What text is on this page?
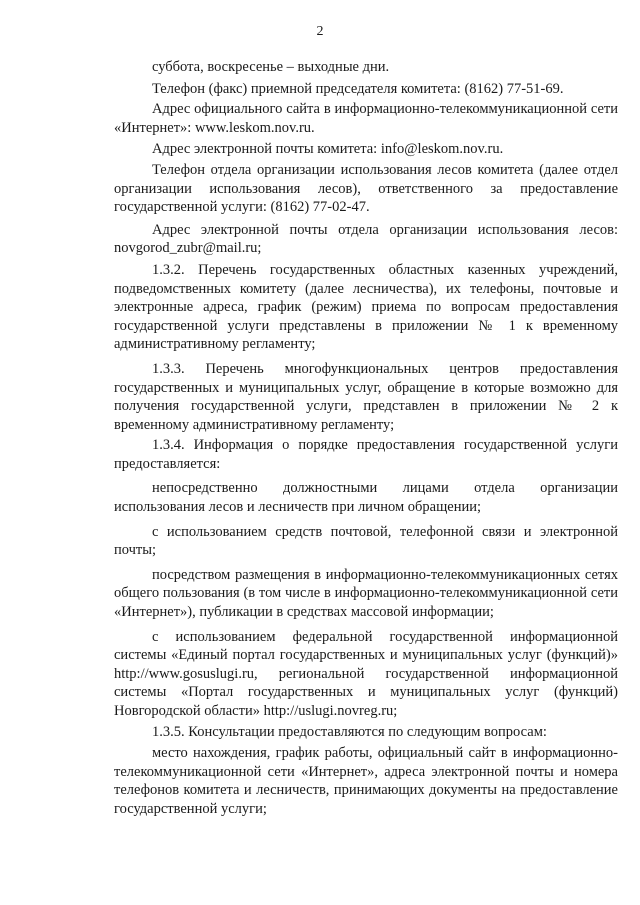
2

суббота, воскресенье – выходные дни.

Телефон (факс) приемной председателя комитета: (8162) 77-51-69.

Адрес официального сайта в информационно-телекоммуникационной сети «Интернет»: www.leskom.nov.ru.

Адрес электронной почты комитета: info@leskom.nov.ru.

Телефон отдела организации использования лесов комитета (далее отдел организации использования лесов), ответственного за предоставление государственной услуги: (8162) 77-02-47.

Адрес электронной почты отдела организации использования лесов: novgorod_zubr@mail.ru;

1.3.2. Перечень государственных областных казенных учреждений, подведомственных комитету (далее лесничества), их телефоны, почтовые и электронные адреса, график (режим) приема по вопросам предоставления государственной услуги представлены в приложении № 1 к временному административному регламенту;

1.3.3. Перечень многофункциональных центров предоставления государственных и муниципальных услуг, обращение в которые возможно для получения государственной услуги, представлен в приложении № 2 к временному административному регламенту;

1.3.4. Информация о порядке предоставления государственной услуги предоставляется:

непосредственно должностными лицами отдела организации использования лесов и лесничеств при личном обращении;

с использованием средств почтовой, телефонной связи и электронной почты;

посредством размещения в информационно-телекоммуникационных сетях общего пользования (в том числе в информационно-телекоммуникационной сети «Интернет»), публикации в средствах массовой информации;

с использованием федеральной государственной информационной системы «Единый портал государственных и муниципальных услуг (функций)» http://www.gosuslugi.ru, региональной государственной информационной системы «Портал государственных и муниципальных услуг (функций) Новгородской области» http://uslugi.novreg.ru;

1.3.5. Консультации предоставляются по следующим вопросам:

место нахождения, график работы, официальный сайт в информационно-телекоммуникационной сети «Интернет», адреса электронной почты и номера телефонов комитета и лесничеств, принимающих документы на предоставление государственной услуги;
